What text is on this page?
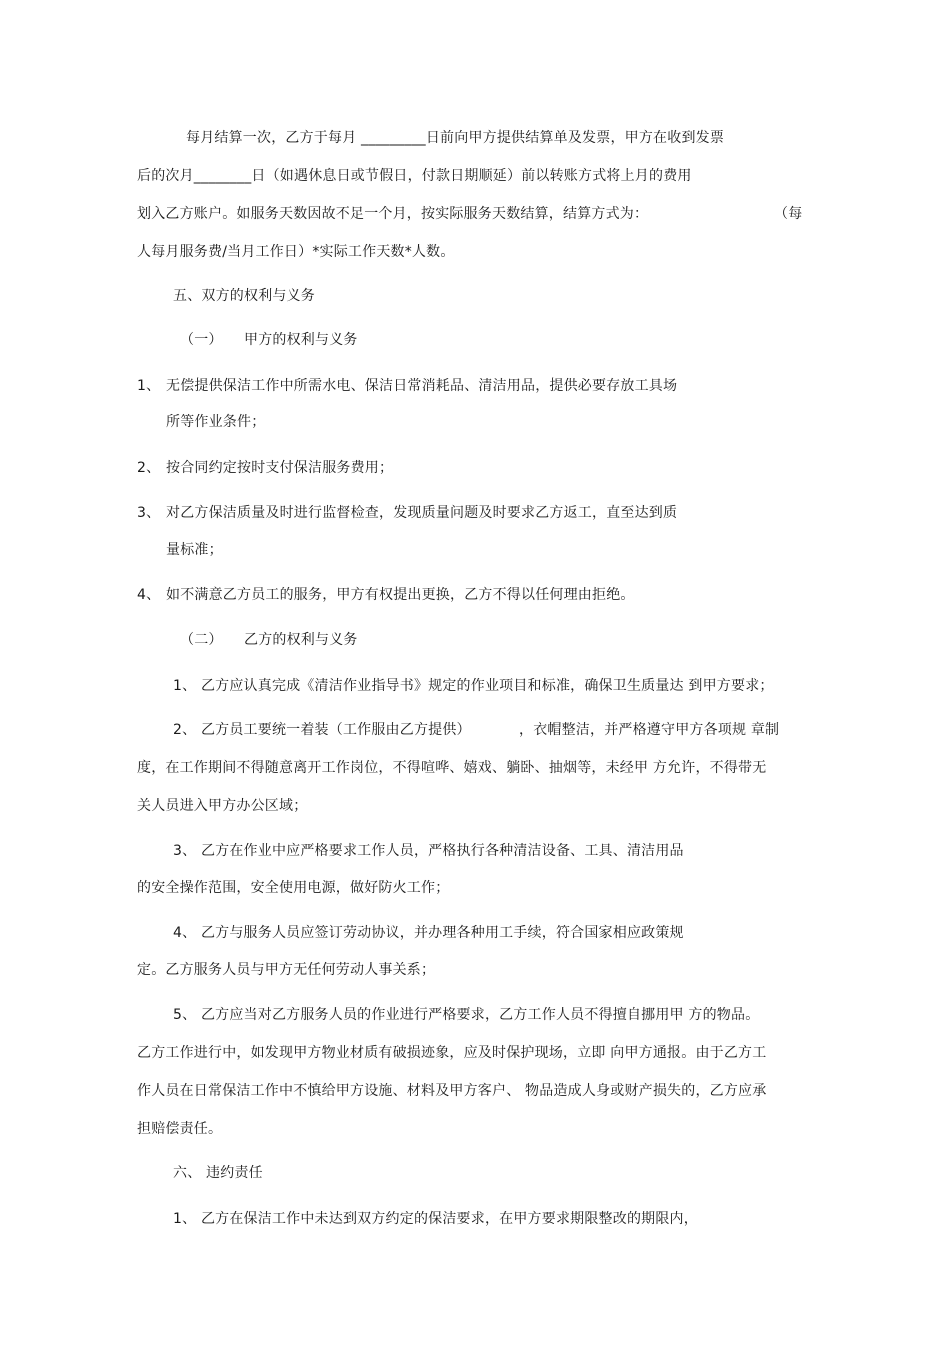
每月结算一次，乙方于每月 _________日前向甲方提供结算单及发票，甲方在收到发票
后的次月________日（如遇休息日或节假日，付款日期顺延）前以转账方式将上月的费用
划入乙方账户。如服务天数因故不足一个月，按实际服务天数结算，结算方式为：	（每
人每月服务费/当月工作日）*实际工作天数*人数。
五、双方的权利与义务
（一） 甲方的权利与义务
1、 无偿提供保洁工作中所需水电、保洁日常消耗品、清洁用品，提供必要存放工具场
所等作业条件；
2、 按合同约定按时支付保洁服务费用；
3、 对乙方保洁质量及时进行监督检查，发现质量问题及时要求乙方返工，直至达到质
量标准；
4、 如不满意乙方员工的服务，甲方有权提出更换，乙方不得以任何理由拒绝。
（二） 乙方的权利与义务
1、 乙方应认真完成《清洁作业指导书》规定的作业项目和标准，确保卫生质量达 到甲方要求；
2、 乙方员工要统一着装（工作服由乙方提供）	，衣帽整洁，并严格遵守甲方各项规 章制
度，在工作期间不得随意离开工作岗位，不得喧哗、嬉戏、躺卧、抽烟等，未经甲 方允许，不得带无
关人员进入甲方办公区域；
3、 乙方在作业中应严格要求工作人员，严格执行各种清洁设备、工具、清洁用品
的安全操作范围，安全使用电源，做好防火工作；
4、 乙方与服务人员应签订劳动协议，并办理各种用工手续，符合国家相应政策规
定。乙方服务人员与甲方无任何劳动人事关系；
5、 乙方应当对乙方服务人员的作业进行严格要求，乙方工作人员不得擅自挪用甲 方的物品。
乙方工作进行中，如发现甲方物业材质有破损迹象，应及时保护现场，立即 向甲方通报。由于乙方工
作人员在日常保洁工作中不慎给甲方设施、材料及甲方客户、 物品造成人身或财产损失的，乙方应承
担赔偿责任。
六、 违约责任
1、 乙方在保洁工作中未达到双方约定的保洁要求，在甲方要求期限整改的期限内，
